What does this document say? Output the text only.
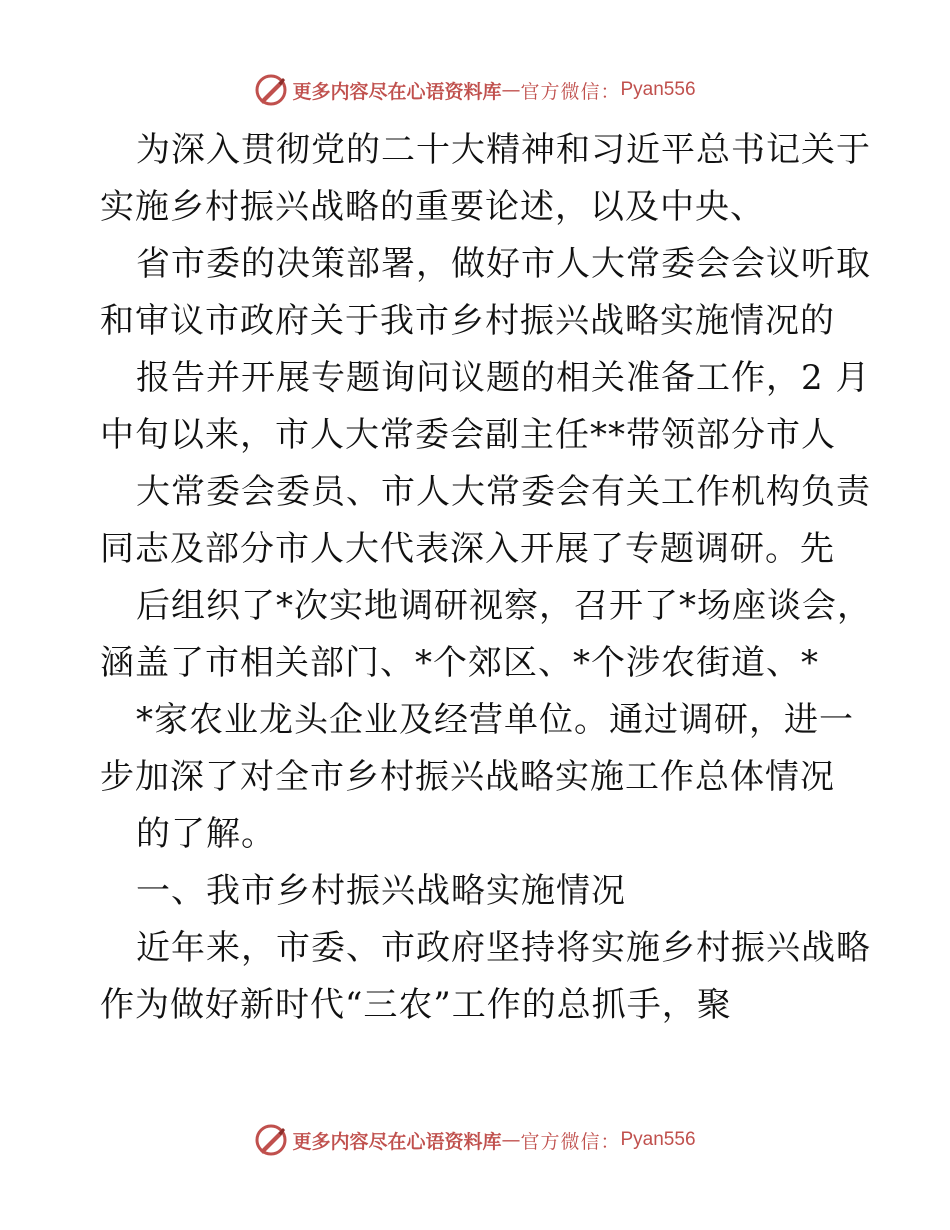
更多内容尽在心语资料库 — 官方微信： Pyan556
为深入贯彻党的二十大精神和习近平总书记关于
实施乡村振兴战略的重要论述，以及中央、
省市委的决策部署，做好市人大常委会会议听取
和审议市政府关于我市乡村振兴战略实施情况的
报告并开展专题询问议题的相关准备工作，2 月
中旬以来，市人大常委会副主任**带领部分市人
大常委会委员、市人大常委会有关工作机构负责
同志及部分市人大代表深入开展了专题调研。先
后组织了*次实地调研视察，召开了*场座谈会，
涵盖了市相关部门、*个郊区、*个涉农街道、*
*家农业龙头企业及经营单位。通过调研，进一
步加深了对全市乡村振兴战略实施工作总体情况
的了解。
一、我市乡村振兴战略实施情况
近年来，市委、市政府坚持将实施乡村振兴战略
作为做好新时代“三农”工作的总抓手，聚
更多内容尽在心语资料库 — 官方微信： Pyan556
